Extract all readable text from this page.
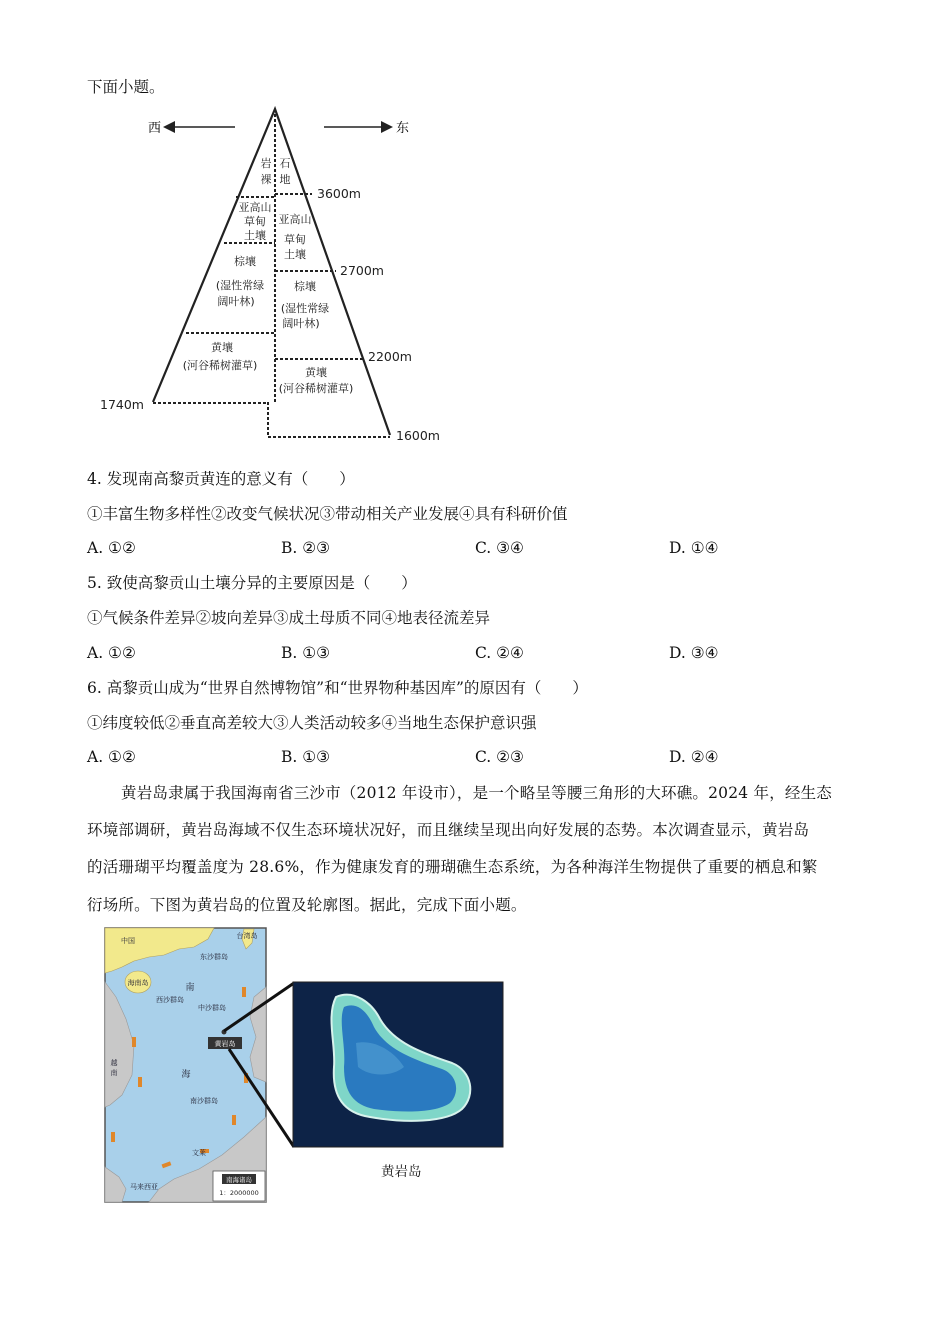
下面小题。
西	东
岩
裸
石
地
亚高山
草甸
土壤
亚高山
草甸
土壤
棕壤
(湿性常绿
阔叶林)
棕壤
(湿性常绿
阔叶林)
黄壤
(河谷稀树灌草)
黄壤
(河谷稀树灌草)
3600m
2700m
2200m
1740m
1600m
4. 发现南高黎贡黄连的意义有（　　）
①丰富生物多样性②改变气候状况③带动相关产业发展④具有科研价值
A. ①②	B. ②③	C. ③④	D. ①④
5. 致使高黎贡山土壤分异的主要原因是（　　）
①气候条件差异②坡向差异③成土母质不同④地表径流差异
A. ①②	B. ①③	C. ②④	D. ③④
6. 高黎贡山成为“世界自然博物馆”和“世界物种基因库”的原因有（　　）
①纬度较低②垂直高差较大③人类活动较多④当地生态保护意识强
A. ①②	B. ①③	C. ②③	D. ②④
黄岩岛隶属于我国海南省三沙市（2012 年设市），是一个略呈等腰三角形的大环礁。2024 年，经生态
环境部调研，黄岩岛海域不仅生态环境状况好，而且继续呈现出向好发展的态势。本次调查显示，黄岩岛
的活珊瑚平均覆盖度为 28.6%，作为健康发育的珊瑚礁生态系统，为各种海洋生物提供了重要的栖息和繁
衍场所。下图为黄岩岛的位置及轮廓图。据此，完成下面小题。
中国
台湾岛
东沙群岛
海南岛
西沙群岛
中沙群岛
南沙群岛
文莱
马来西亚
南
海
越南
黄岩岛
南海诸岛
1：2000000
黄岩岛
